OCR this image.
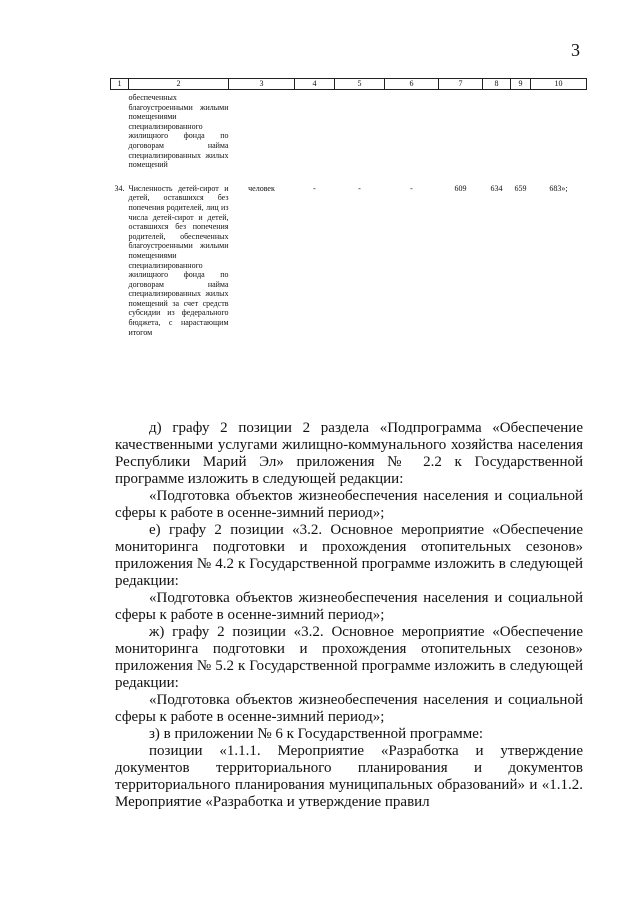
3
1	2	3	4	5	6	7	8	9	10
	обеспеченных благоустроенными жилыми помещениями специализированного жилищного фонда по договорам найма специализированных жилых помещений								
34.	Численность детей-сирот и детей, оставшихся без попечения родителей, лиц из числа детей-сирот и детей, оставшихся без попечения родителей, обеспеченных благоустроенными жилыми помещениями специализированного жилищного фонда по договорам найма специализированных жилых помещений за счет средств субсидии из федерального бюджета, с нарастающим итогом	человек	-	-	-	609	634	659	683»;

д) графу 2 позиции 2 раздела «Подпрограмма «Обеспечение качественными услугами жилищно-коммунального хозяйства населения Республики Марий Эл» приложения № 2.2 к Государственной программе изложить в следующей редакции:

«Подготовка объектов жизнеобеспечения населения и социальной сферы к работе в осенне-зимний период»;

е) графу 2 позиции «3.2. Основное мероприятие «Обеспечение мониторинга подготовки и прохождения отопительных сезонов» приложения № 4.2 к Государственной программе изложить в следующей редакции:

«Подготовка объектов жизнеобеспечения населения и социальной сферы к работе в осенне-зимний период»;

ж) графу 2 позиции «3.2. Основное мероприятие «Обеспечение мониторинга подготовки и прохождения отопительных сезонов» приложения № 5.2 к Государственной программе изложить в следующей редакции:

«Подготовка объектов жизнеобеспечения населения и социальной сферы к работе в осенне-зимний период»;

з) в приложении № 6 к Государственной программе:

позиции «1.1.1. Мероприятие «Разработка и утверждение документов территориального планирования и документов территориального планирования муниципальных образований» и «1.1.2. Мероприятие «Разработка и утверждение правил
